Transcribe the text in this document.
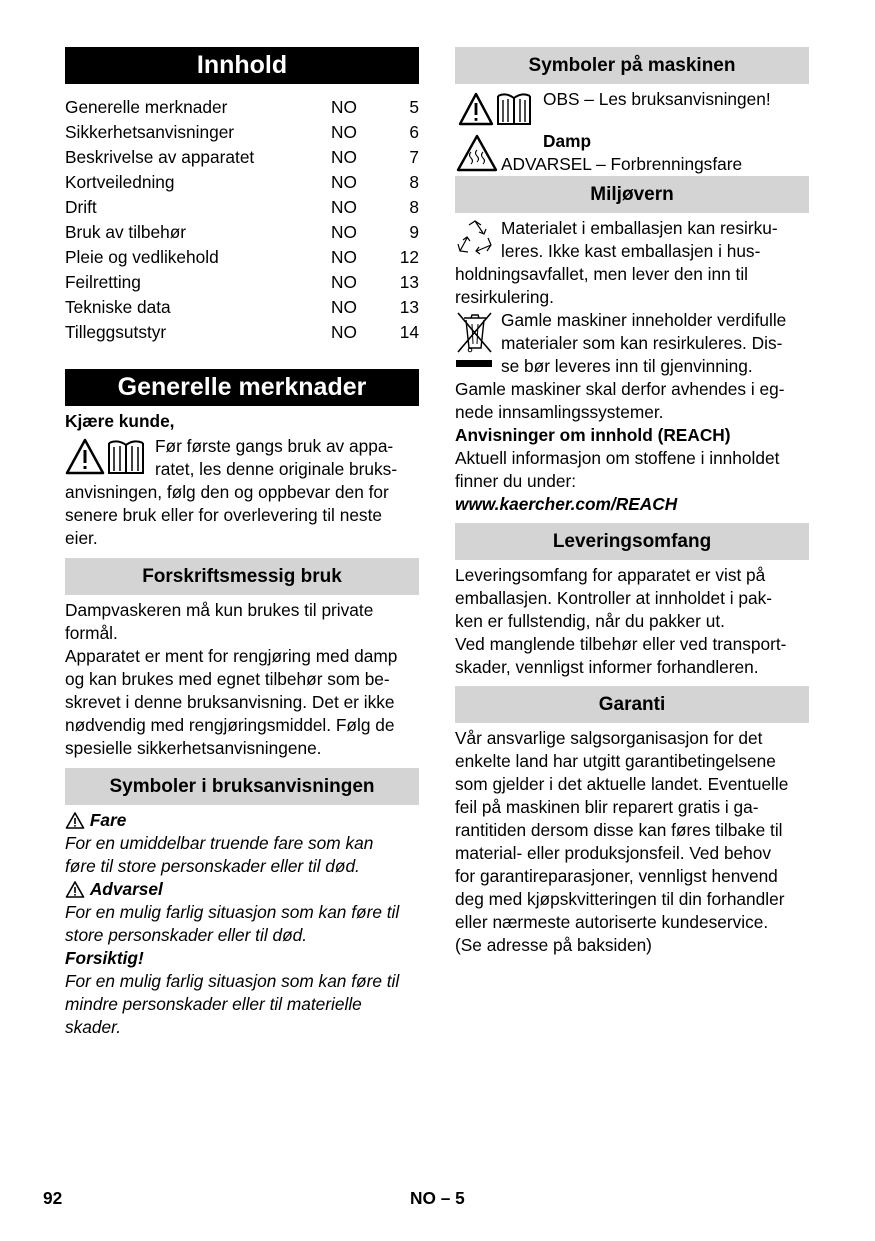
Innhold
Generelle merknader	NO	5
Sikkerhetsanvisninger	NO	6
Beskrivelse av apparatet	NO	7
Kortveiledning	NO	8
Drift	NO	8
Bruk av tilbehør	NO	9
Pleie og vedlikehold	NO 12
Feilretting	NO 13
Tekniske data	NO 13
Tilleggsutstyr	NO 14
Generelle merknader

Kjære kunde,

Før første gangs bruk av appa-

ratet, les denne originale bruks-

anvisningen, følg den og oppbevar den for

senere bruk eller for overlevering til neste

eier.

Forskriftsmessig bruk

Dampvaskeren må kun brukes til private

formål.

Apparatet er ment for rengjøring med damp

og kan brukes med egnet tilbehør som be-

skrevet i denne bruksanvisning. Det er ikke

nødvendig med rengjøringsmiddel. Følg de

spesielle sikkerhetsanvisningene.

Symboler i bruksanvisningen

Fare

For en umiddelbar truende fare som kan

føre til store personskader eller til død.

Advarsel

For en mulig farlig situasjon som kan føre til

store personskader eller til død.

Forsiktig!

For en mulig farlig situasjon som kan føre til

mindre personskader eller til materielle

skader.

Symboler på maskinen

OBS – Les bruksanvisningen!

Damp

ADVARSEL – Forbrenningsfare

Miljøvern

Materialet i emballasjen kan resirku-

leres. Ikke kast emballasjen i hus-

holdningsavfallet, men lever den inn til

resirkulering.

Gamle maskiner inneholder verdifulle

materialer som kan resirkuleres. Dis-

se bør leveres inn til gjenvinning.

Gamle maskiner skal derfor avhendes i eg-

nede innsamlingssystemer.

Anvisninger om innhold (REACH)

Aktuell informasjon om stoffene i innholdet

finner du under:

www.kaercher.com/REACH

Leveringsomfang

Leveringsomfang for apparatet er vist på

emballasjen. Kontroller at innholdet i pak-

ken er fullstendig, når du pakker ut.

Ved manglende tilbehør eller ved transport-

skader, vennligst informer forhandleren.

Garanti

Vår ansvarlige salgsorganisasjon for det

enkelte land har utgitt garantibetingelsene

som gjelder i det aktuelle landet. Eventuelle

feil på maskinen blir reparert gratis i ga-

rantitiden dersom disse kan føres tilbake til

material- eller produksjonsfeil. Ved behov

for garantireparasjoner, vennligst henvend

deg med kjøpskvitteringen til din forhandler

eller nærmeste autoriserte kundeservice.

(Se adresse på baksiden)

92	NO – 5
